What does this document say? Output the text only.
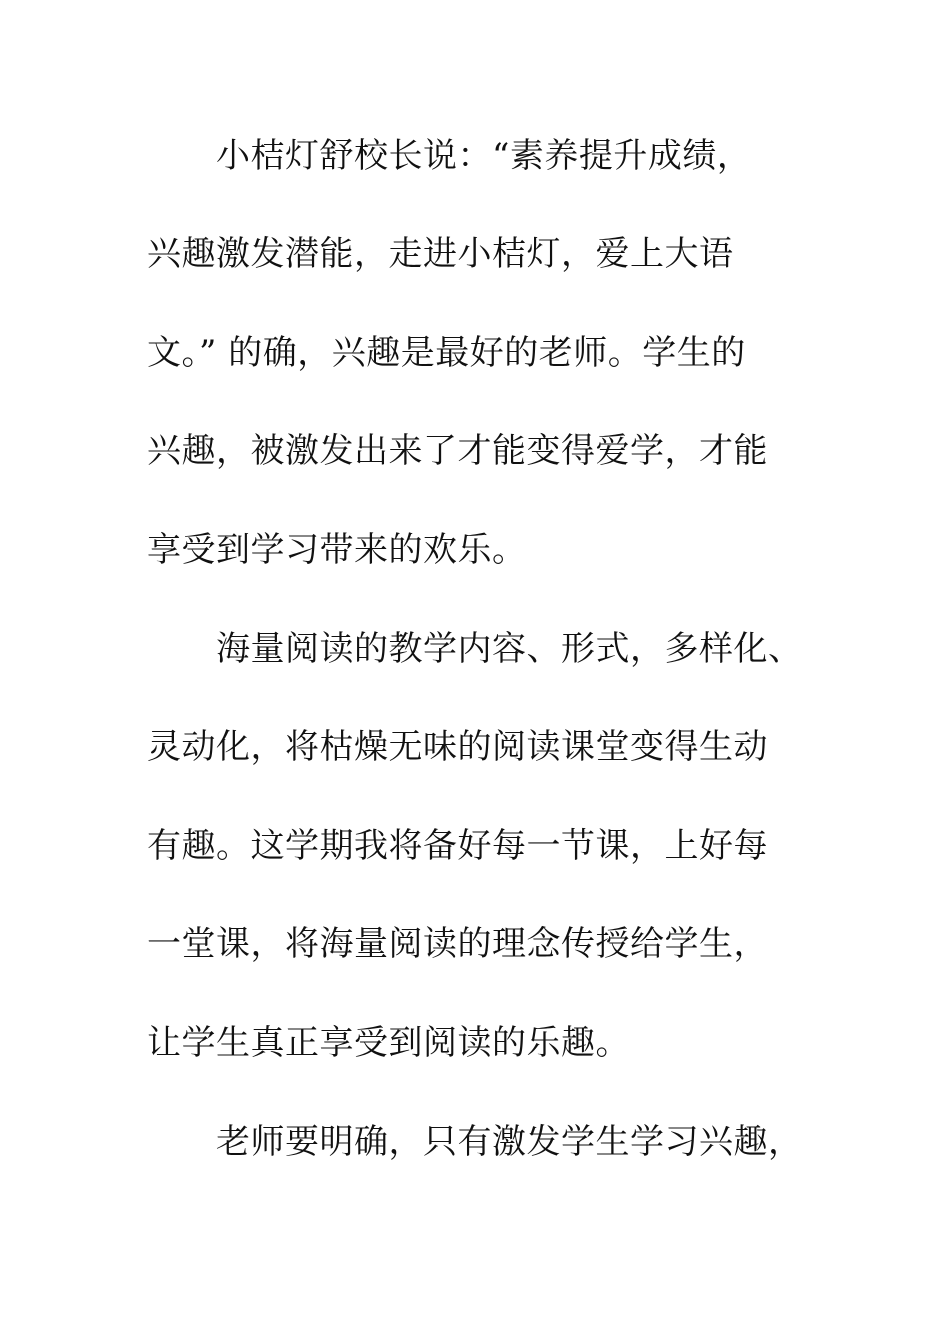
小桔灯舒校长说：“素养提升成绩，
兴趣激发潜能，走进小桔灯，爱上大语
文。” 的确，兴趣是最好的老师。学生的
兴趣，被激发出来了才能变得爱学，才能
享受到学习带来的欢乐。
海量阅读的教学内容、形式，多样化、
灵动化，将枯燥无味的阅读课堂变得生动
有趣。这学期我将备好每一节课，上好每
一堂课，将海量阅读的理念传授给学生，
让学生真正享受到阅读的乐趣。
老师要明确，只有激发学生学习兴趣，
